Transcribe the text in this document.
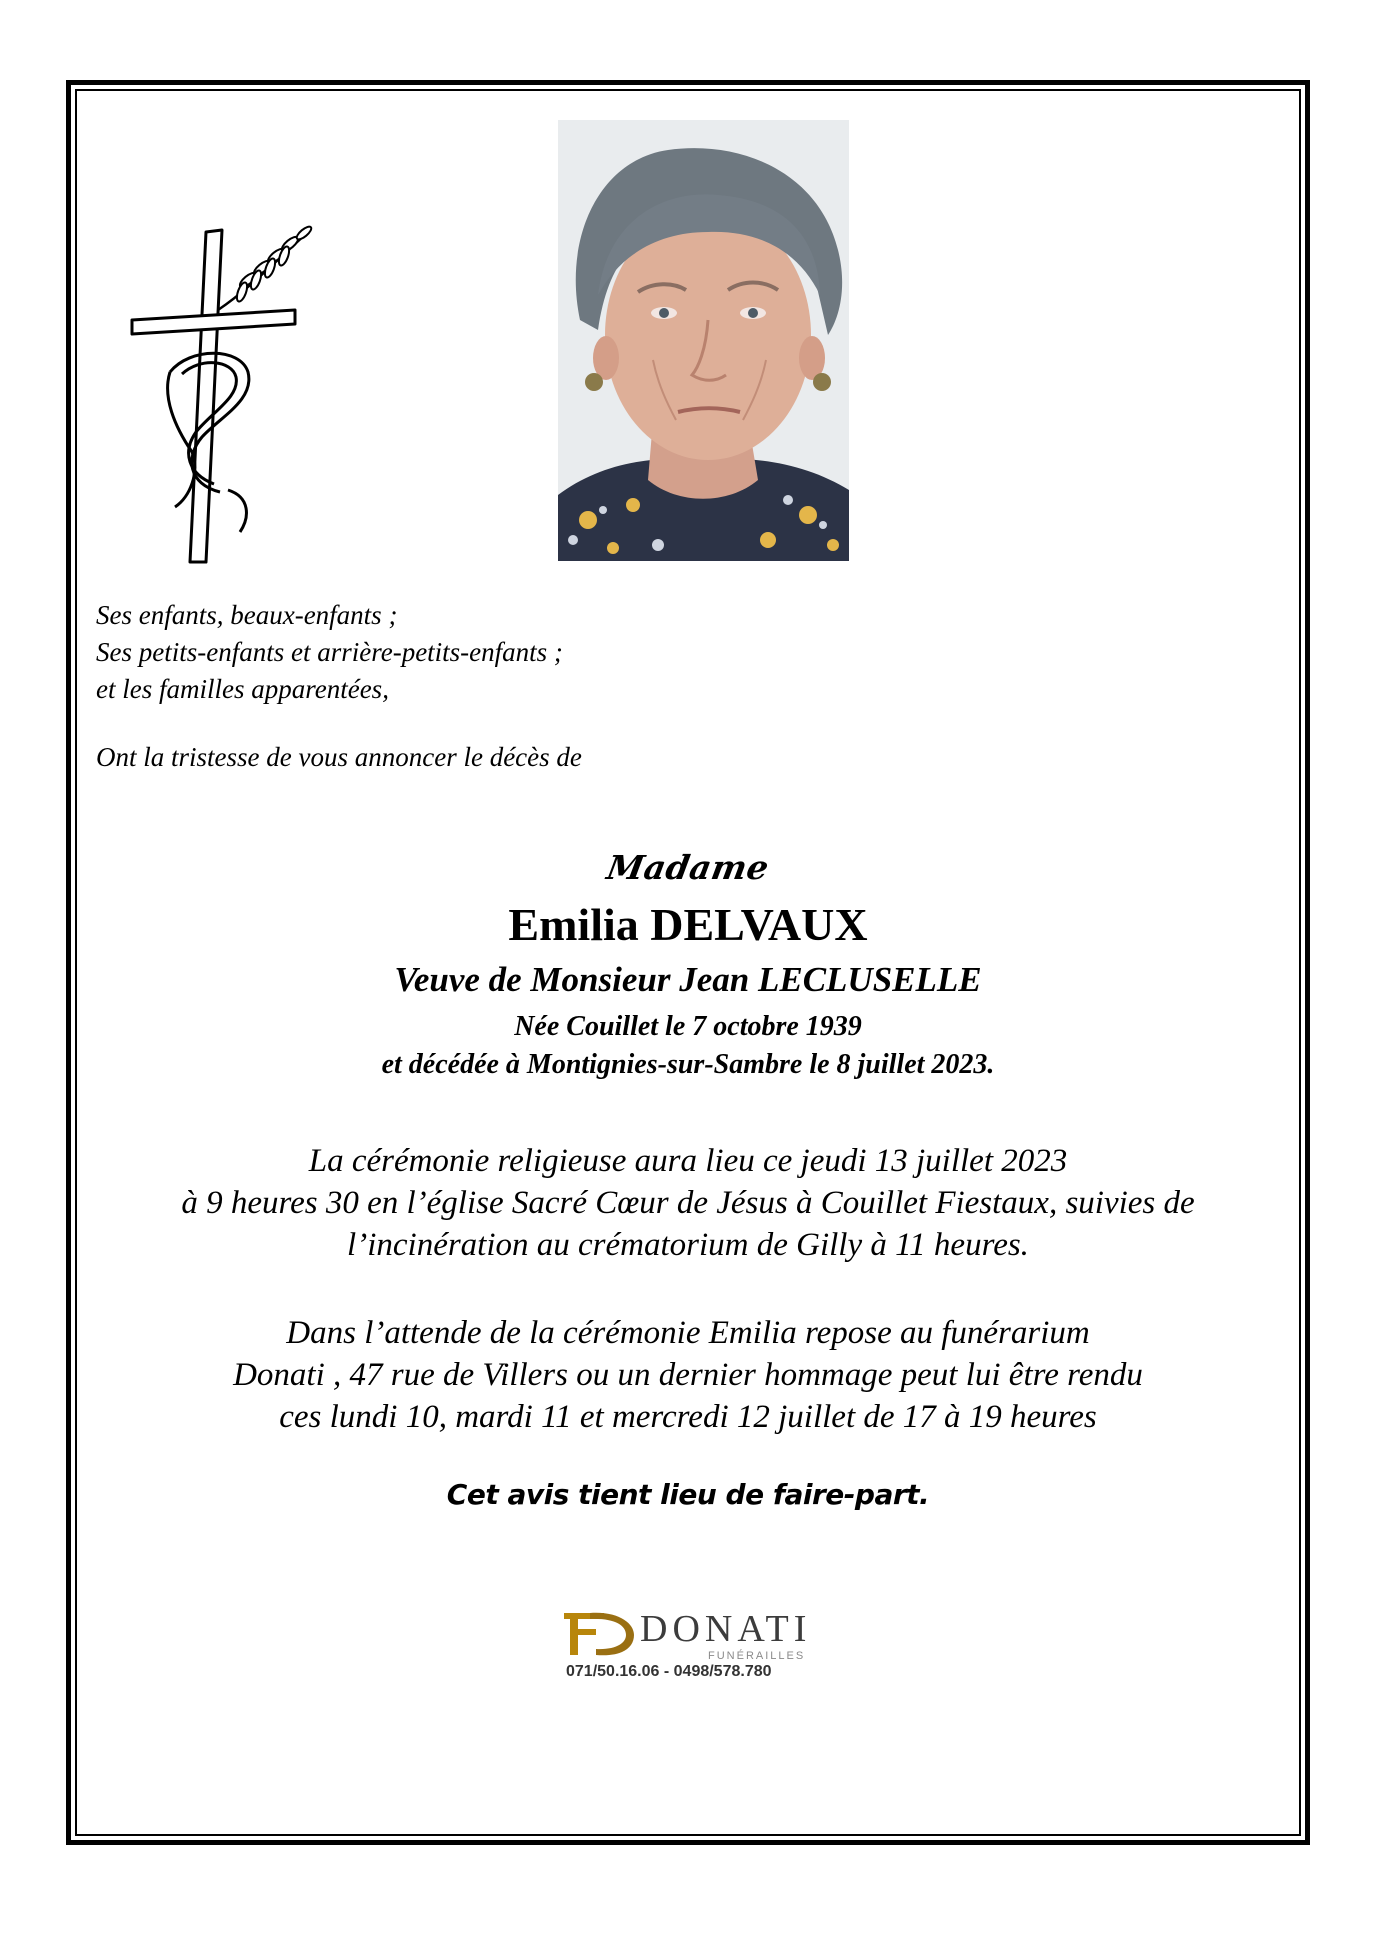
Ses enfants, beaux-enfants ;
Ses petits-enfants et arrière-petits-enfants ;
et les familles apparentées,
Ont la tristesse de vous annoncer le décès de
Madame
Emilia DELVAUX
Veuve de Monsieur Jean LECLUSELLE
Née Couillet le 7 octobre 1939
et décédée à Montignies-sur-Sambre le 8 juillet 2023.
La cérémonie religieuse aura lieu ce jeudi 13 juillet 2023
à 9 heures 30 en l’église Sacré Cœur de Jésus à Couillet Fiestaux, suivies de
l’incinération au crématorium de Gilly à 11 heures.
Dans l’attende de la cérémonie Emilia repose au funérarium
Donati , 47 rue de Villers ou un dernier hommage peut lui être rendu
ces lundi 10, mardi 11 et mercredi 12 juillet de 17 à 19 heures
Cet avis tient lieu de faire-part.
DONATI
FUNÉRAILLES
071/50.16.06 - 0498/578.780
